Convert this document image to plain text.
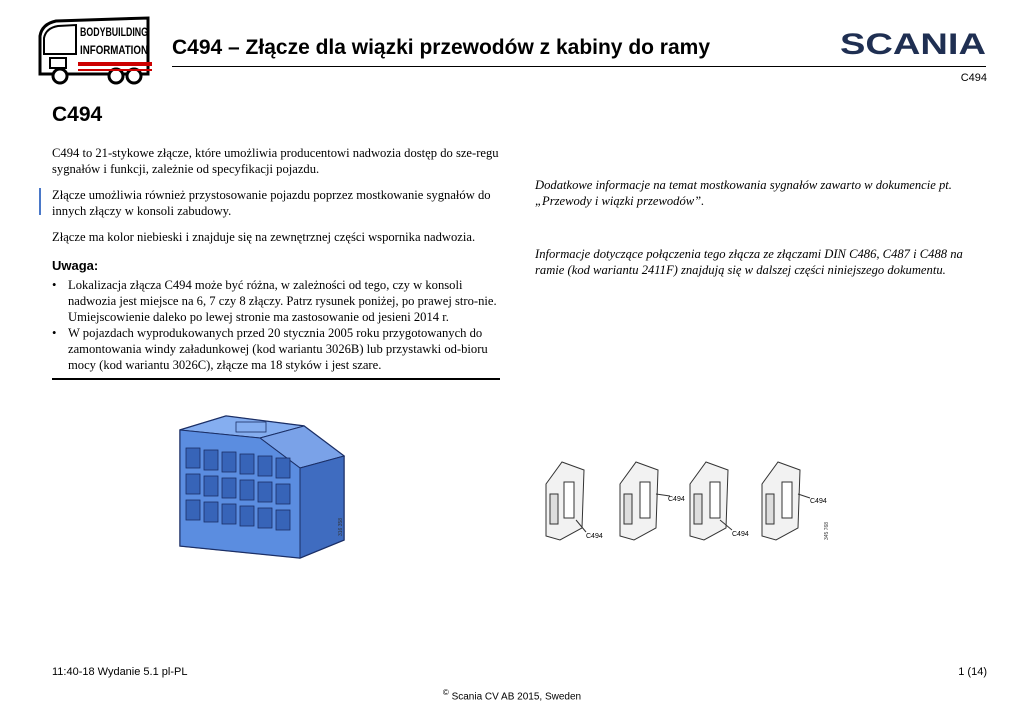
BODYBUILDING
INFORMATION C494 – Złącze dla wiązki przewodów z kabiny do ramy	SCANIA
C494
C494
C494 to 21-stykowe złącze, które umożliwia producentowi nadwozia dostęp do sze-regu sygnałów i funkcji, zależnie od specyfikacji pojazdu.
Złącze umożliwia również przystosowanie pojazdu poprzez mostkowanie sygnałów do innych złączy w konsoli zabudowy.
Złącze ma kolor niebieski i znajduje się na zewnętrznej części wspornika nadwozia.
Uwaga:
• Lokalizacja złącza C494 może być różna, w zależności od tego, czy w konsoli nadwozia jest miejsce na 6, 7 czy 8 złączy. Patrz rysunek poniżej, po prawej stro-nie. Umiejscowienie daleko po lewej stronie ma zastosowanie od jesieni 2014 r.
• W pojazdach wyprodukowanych przed 20 stycznia 2005 roku przygotowanych do zamontowania windy załadunkowej (kod wariantu 3026B) lub przystawki od-bioru mocy (kod wariantu 3026C), złącze ma 18 styków i jest szare.
Dodatkowe informacje na temat mostkowania sygnałów zawarto w dokumencie pt. „Przewody i wiązki przewodów”.
Informacje dotyczące połączenia tego złącza ze złączami DIN C486, C487 i C488 na ramie (kod wariantu 2411F) znajdują się w dalszej części niniejszego dokumentu.
316 358
C494
C494
C494
C494
345 768
11:40-18 Wydanie 5.1 pl-PL	1 (14)
© Scania CV AB 2015, Sweden
